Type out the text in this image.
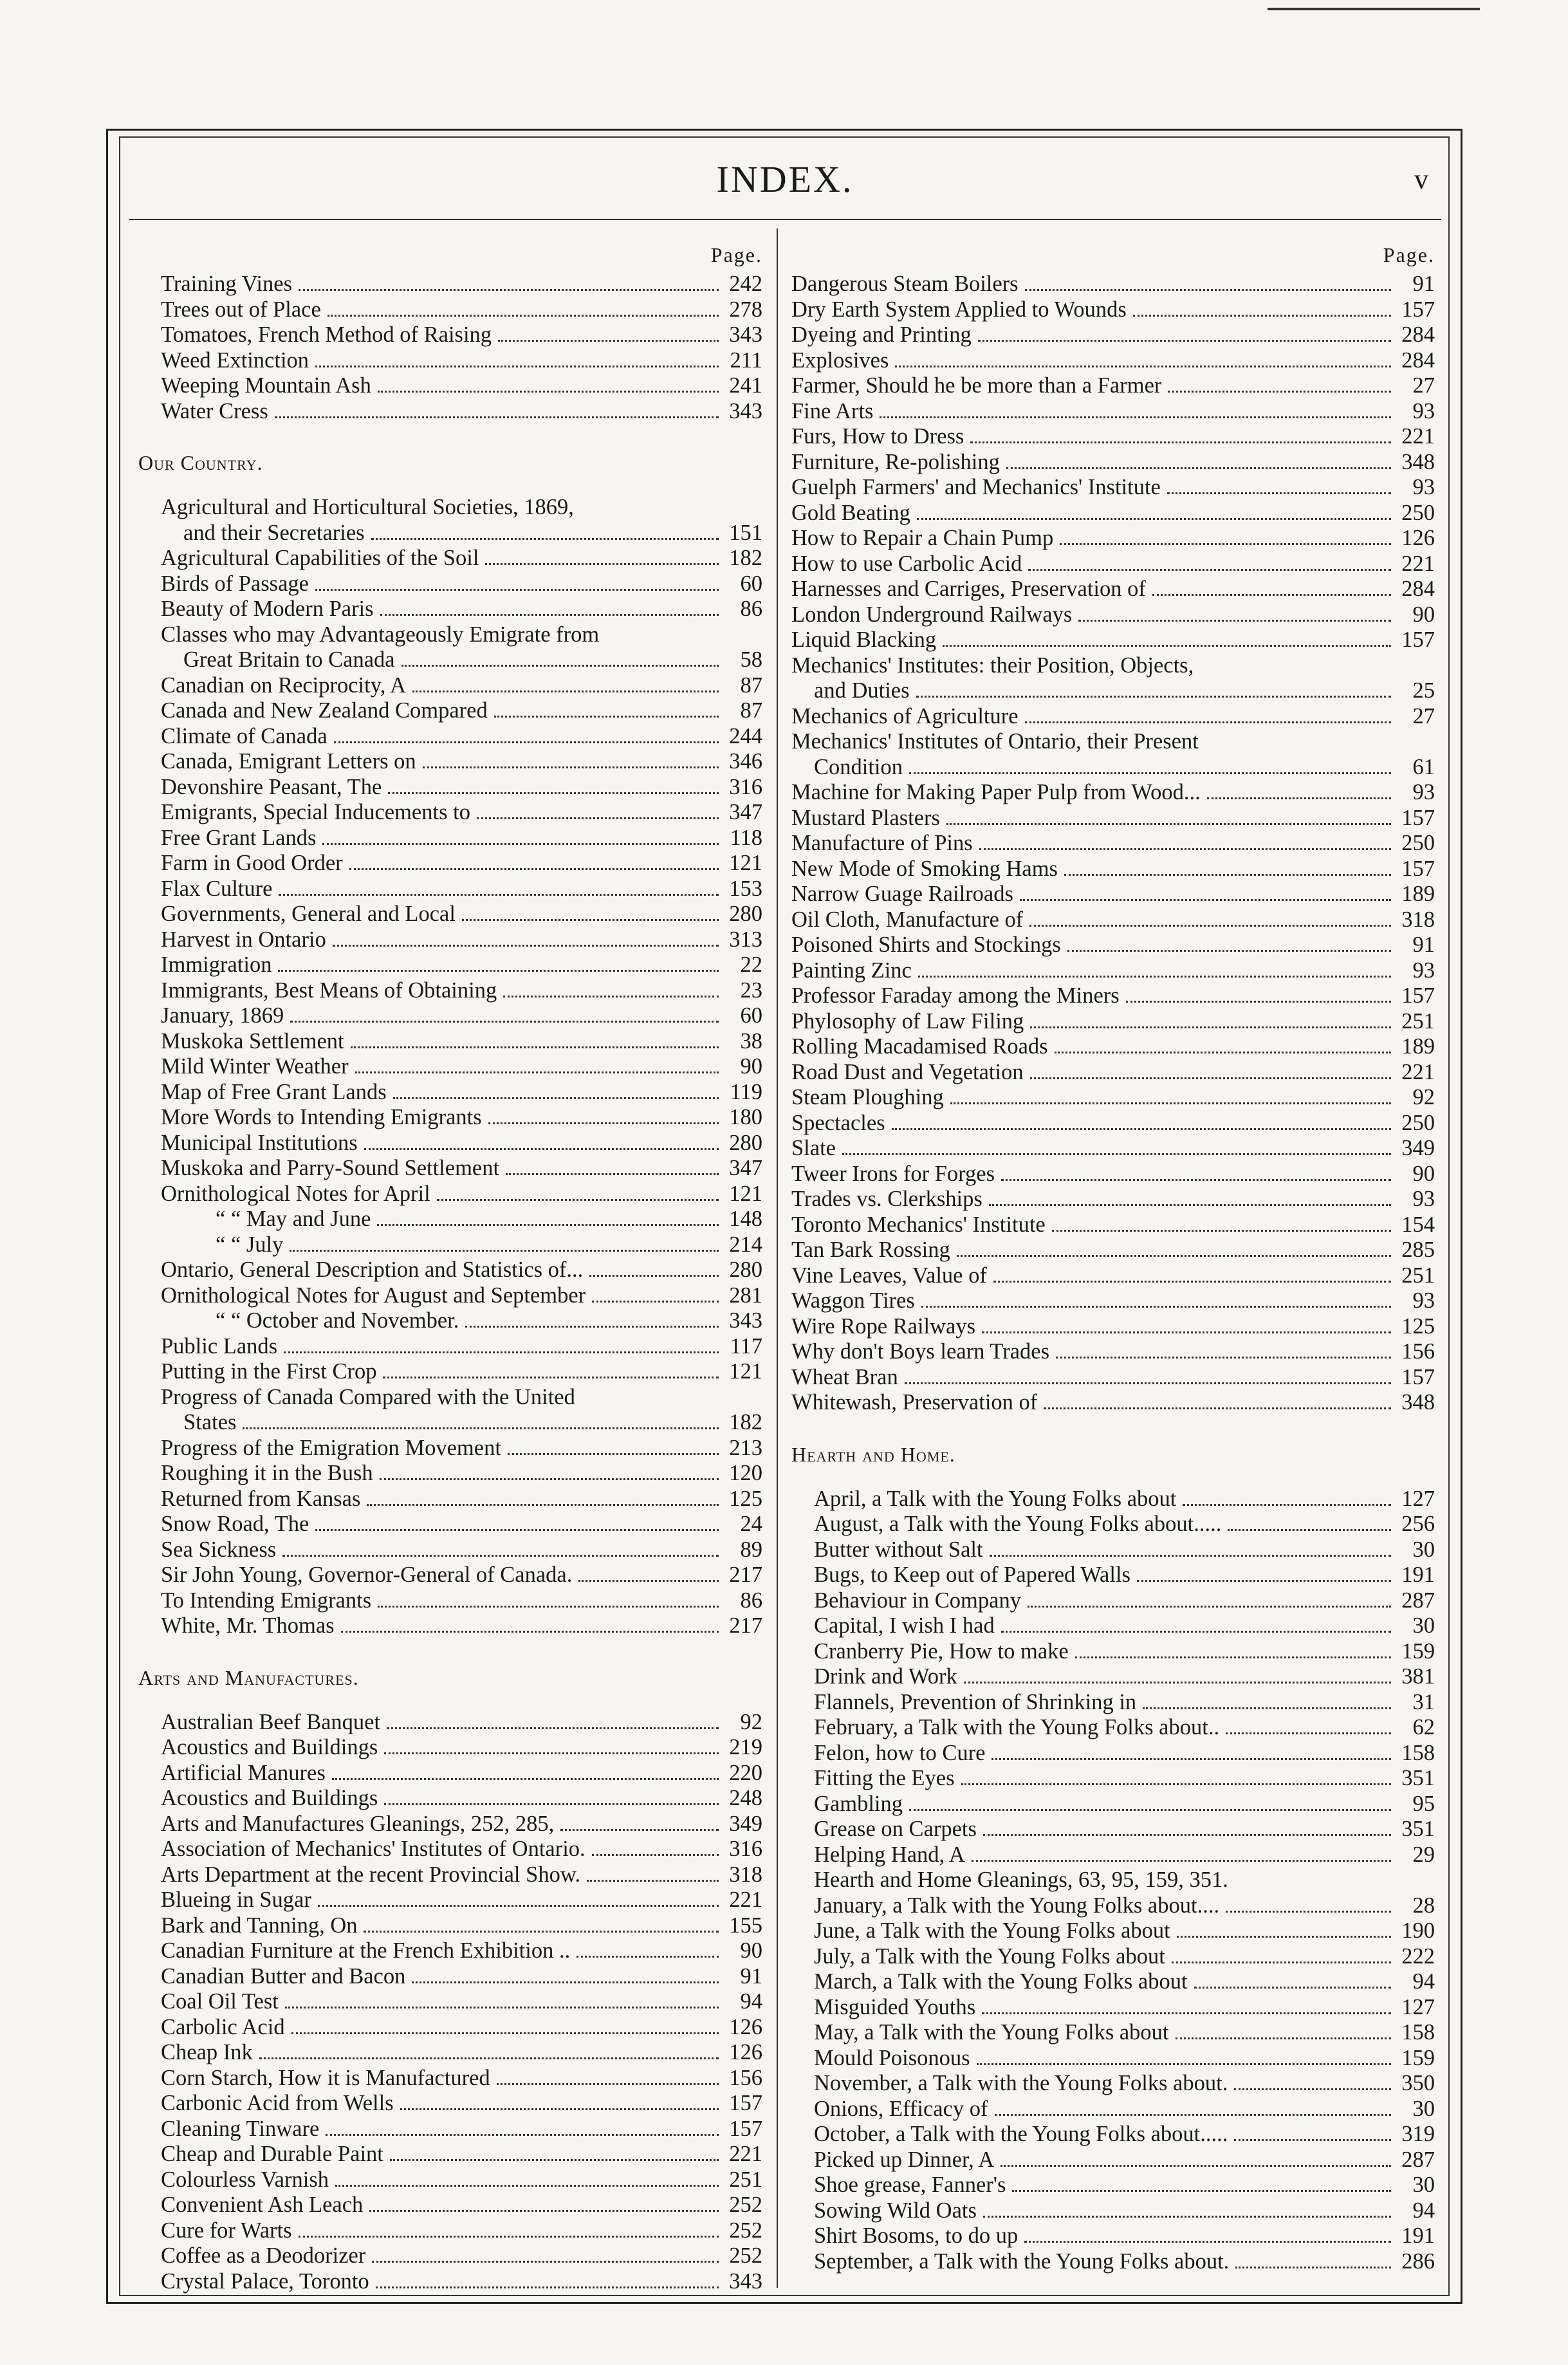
INDEX.	v
Page.
Training Vines	242
Trees out of Place	278
Tomatoes, French Method of Raising	343
Weed Extinction	211
Weeping Mountain Ash	241
Water Cress	343
Our Country.
Agricultural and Horticultural Societies, 1869,
and their Secretaries	151
Agricultural Capabilities of the Soil	182
Birds of Passage	60
Beauty of Modern Paris	86
Classes who may Advantageously Emigrate from
Great Britain to Canada	58
Canadian on Reciprocity, A	87
Canada and New Zealand Compared	87
Climate of Canada	244
Canada, Emigrant Letters on	346
Devonshire Peasant, The	316
Emigrants, Special Inducements to	347
Free Grant Lands	118
Farm in Good Order	121
Flax Culture	153
Governments, General and Local	280
Harvest in Ontario	313
Immigration	22
Immigrants, Best Means of Obtaining	23
January, 1869	60
Muskoka Settlement	38
Mild Winter Weather	90
Map of Free Grant Lands	119
More Words to Intending Emigrants	180
Municipal Institutions	280
Muskoka and Parry-Sound Settlement	347
Ornithological Notes for April	121
“ “ May and June	148
“ “ July	214
Ontario, General Description and Statistics of...	280
Ornithological Notes for August and September	281
“ “ October and November.	343
Public Lands	117
Putting in the First Crop	121
Progress of Canada Compared with the United
States	182
Progress of the Emigration Movement	213
Roughing it in the Bush	120
Returned from Kansas	125
Snow Road, The	24
Sea Sickness	89
Sir John Young, Governor-General of Canada.	217
To Intending Emigrants	86
White, Mr. Thomas	217
Arts and Manufactures.
Australian Beef Banquet	92
Acoustics and Buildings	219
Artificial Manures	220
Acoustics and Buildings	248
Arts and Manufactures Gleanings, 252, 285,	349
Association of Mechanics' Institutes of Ontario.	316
Arts Department at the recent Provincial Show.	318
Blueing in Sugar	221
Bark and Tanning, On	155
Canadian Furniture at the French Exhibition ..	90
Canadian Butter and Bacon	91
Coal Oil Test	94
Carbolic Acid	126
Cheap Ink	126
Corn Starch, How it is Manufactured	156
Carbonic Acid from Wells	157
Cleaning Tinware	157
Cheap and Durable Paint	221
Colourless Varnish	251
Convenient Ash Leach	252
Cure for Warts	252
Coffee as a Deodorizer	252
Crystal Palace, Toronto	343
Page.
Dangerous Steam Boilers	91
Dry Earth System Applied to Wounds	157
Dyeing and Printing	284
Explosives	284
Farmer, Should he be more than a Farmer	27
Fine Arts	93
Furs, How to Dress	221
Furniture, Re-polishing	348
Guelph Farmers' and Mechanics' Institute	93
Gold Beating	250
How to Repair a Chain Pump	126
How to use Carbolic Acid	221
Harnesses and Carriges, Preservation of	284
London Underground Railways	90
Liquid Blacking	157
Mechanics' Institutes: their Position, Objects,
and Duties	25
Mechanics of Agriculture	27
Mechanics' Institutes of Ontario, their Present
Condition	61
Machine for Making Paper Pulp from Wood...	93
Mustard Plasters	157
Manufacture of Pins	250
New Mode of Smoking Hams	157
Narrow Guage Railroads	189
Oil Cloth, Manufacture of	318
Poisoned Shirts and Stockings	91
Painting Zinc	93
Professor Faraday among the Miners	157
Phylosophy of Law Filing	251
Rolling Macadamised Roads	189
Road Dust and Vegetation	221
Steam Ploughing	92
Spectacles	250
Slate	349
Tweer Irons for Forges	90
Trades vs. Clerkships	93
Toronto Mechanics' Institute	154
Tan Bark Rossing	285
Vine Leaves, Value of	251
Waggon Tires	93
Wire Rope Railways	125
Why don't Boys learn Trades	156
Wheat Bran	157
Whitewash, Preservation of	348
Hearth and Home.
April, a Talk with the Young Folks about	127
August, a Talk with the Young Folks about.....	256
Butter without Salt	30
Bugs, to Keep out of Papered Walls	191
Behaviour in Company	287
Capital, I wish I had	30
Cranberry Pie, How to make	159
Drink and Work	381
Flannels, Prevention of Shrinking in	31
February, a Talk with the Young Folks about..	62
Felon, how to Cure	158
Fitting the Eyes	351
Gambling	95
Grease on Carpets	351
Helping Hand, A	29
Hearth and Home Gleanings, 63, 95, 159, 351.
January, a Talk with the Young Folks about....	28
June, a Talk with the Young Folks about	190
July, a Talk with the Young Folks about	222
March, a Talk with the Young Folks about	94
Misguided Youths	127
May, a Talk with the Young Folks about	158
Mould Poisonous	159
November, a Talk with the Young Folks about.	350
Onions, Efficacy of	30
October, a Talk with the Young Folks about.....	319
Picked up Dinner, A	287
Shoe grease, Fanner's	30
Sowing Wild Oats	94
Shirt Bosoms, to do up	191
September, a Talk with the Young Folks about.	286
